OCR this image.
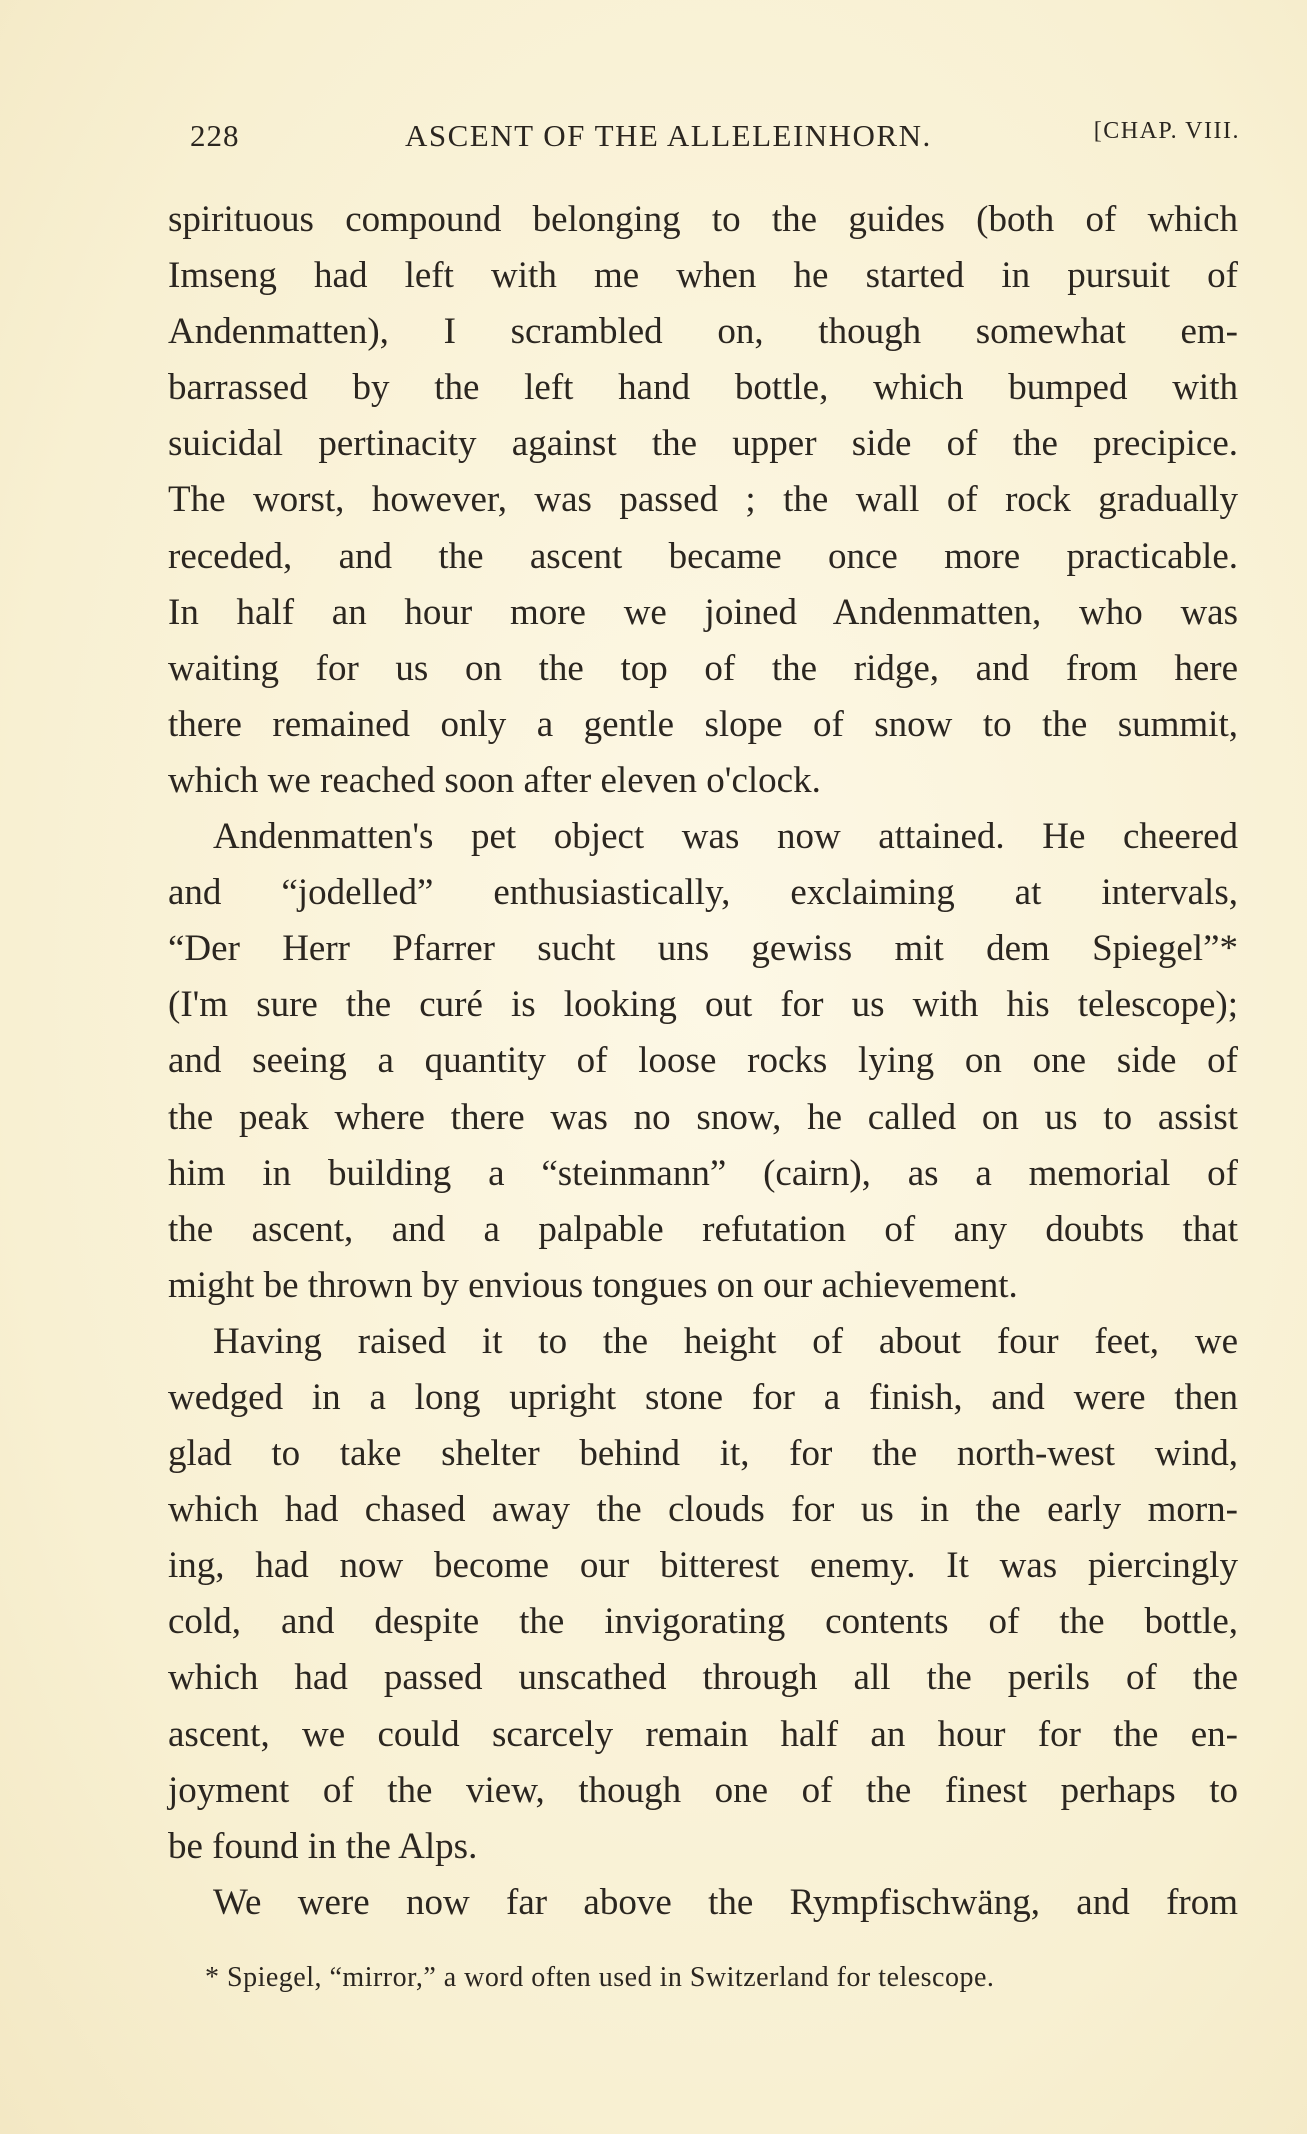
228	ASCENT OF THE ALLELEINHORN.	[CHAP. VIII.
spirituous compound belonging to the guides (both of which
Imseng had left with me when he started in pursuit of
Andenmatten), I scrambled on, though somewhat em-
barrassed by the left hand bottle, which bumped with
suicidal pertinacity against the upper side of the precipice.
The worst, however, was passed ; the wall of rock gradually
receded, and the ascent became once more practicable.
In half an hour more we joined Andenmatten, who was
waiting for us on the top of the ridge, and from here
there remained only a gentle slope of snow to the summit,
which we reached soon after eleven o'clock.
Andenmatten's pet object was now attained. He cheered
and “jodelled” enthusiastically, exclaiming at intervals,
“Der Herr Pfarrer sucht uns gewiss mit dem Spiegel”*
(I'm sure the curé is looking out for us with his telescope);
and seeing a quantity of loose rocks lying on one side of
the peak where there was no snow, he called on us to assist
him in building a “steinmann” (cairn), as a memorial of
the ascent, and a palpable refutation of any doubts that
might be thrown by envious tongues on our achievement.
Having raised it to the height of about four feet, we
wedged in a long upright stone for a finish, and were then
glad to take shelter behind it, for the north-west wind,
which had chased away the clouds for us in the early morn-
ing, had now become our bitterest enemy. It was piercingly
cold, and despite the invigorating contents of the bottle,
which had passed unscathed through all the perils of the
ascent, we could scarcely remain half an hour for the en-
joyment of the view, though one of the finest perhaps to
be found in the Alps.
We were now far above the Rympfischwäng, and from
* Spiegel, “mirror,” a word often used in Switzerland for telescope.
